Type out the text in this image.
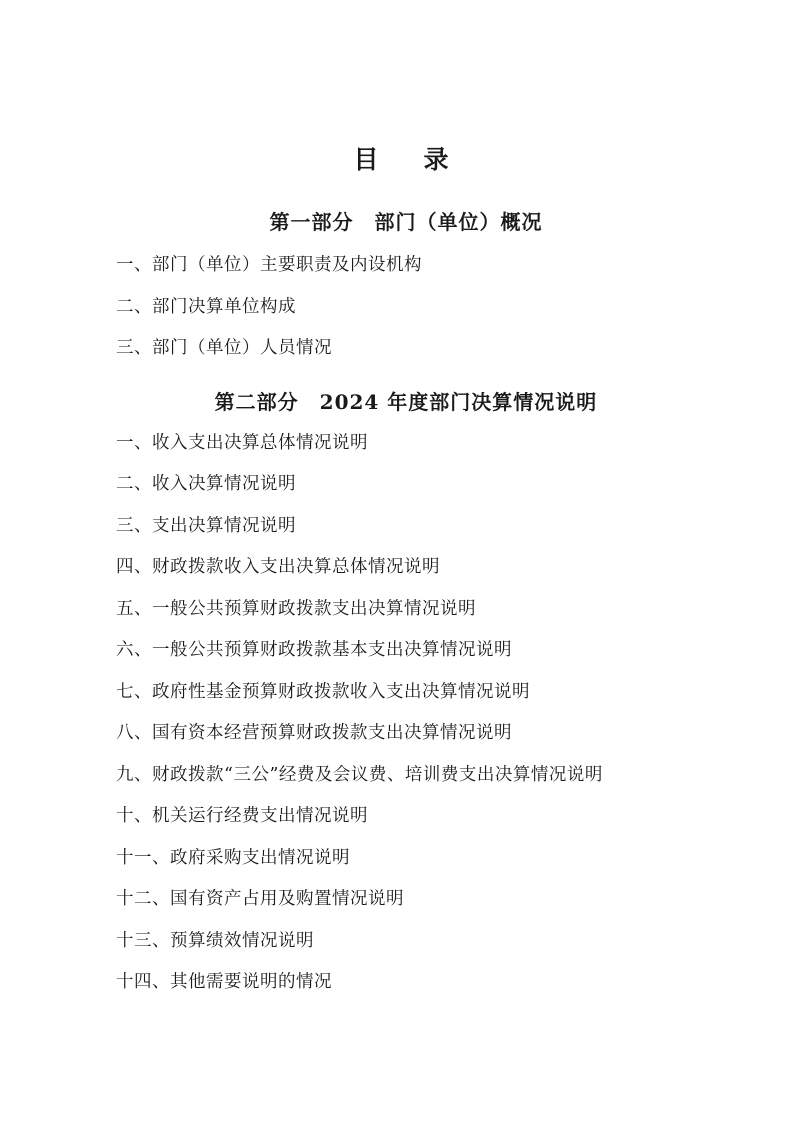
目　录
第一部分　部门（单位）概况

一、部门（单位）主要职责及内设机构

二、部门决算单位构成

三、部门（单位）人员情况

第二部分　2024 年度部门决算情况说明

一、收入支出决算总体情况说明

二、收入决算情况说明

三、支出决算情况说明

四、财政拨款收入支出决算总体情况说明

五、一般公共预算财政拨款支出决算情况说明

六、一般公共预算财政拨款基本支出决算情况说明

七、政府性基金预算财政拨款收入支出决算情况说明

八、国有资本经营预算财政拨款支出决算情况说明

九、财政拨款“三公”经费及会议费、培训费支出决算情况说明

十、机关运行经费支出情况说明

十一、政府采购支出情况说明

十二、国有资产占用及购置情况说明

十三、预算绩效情况说明

十四、其他需要说明的情况
